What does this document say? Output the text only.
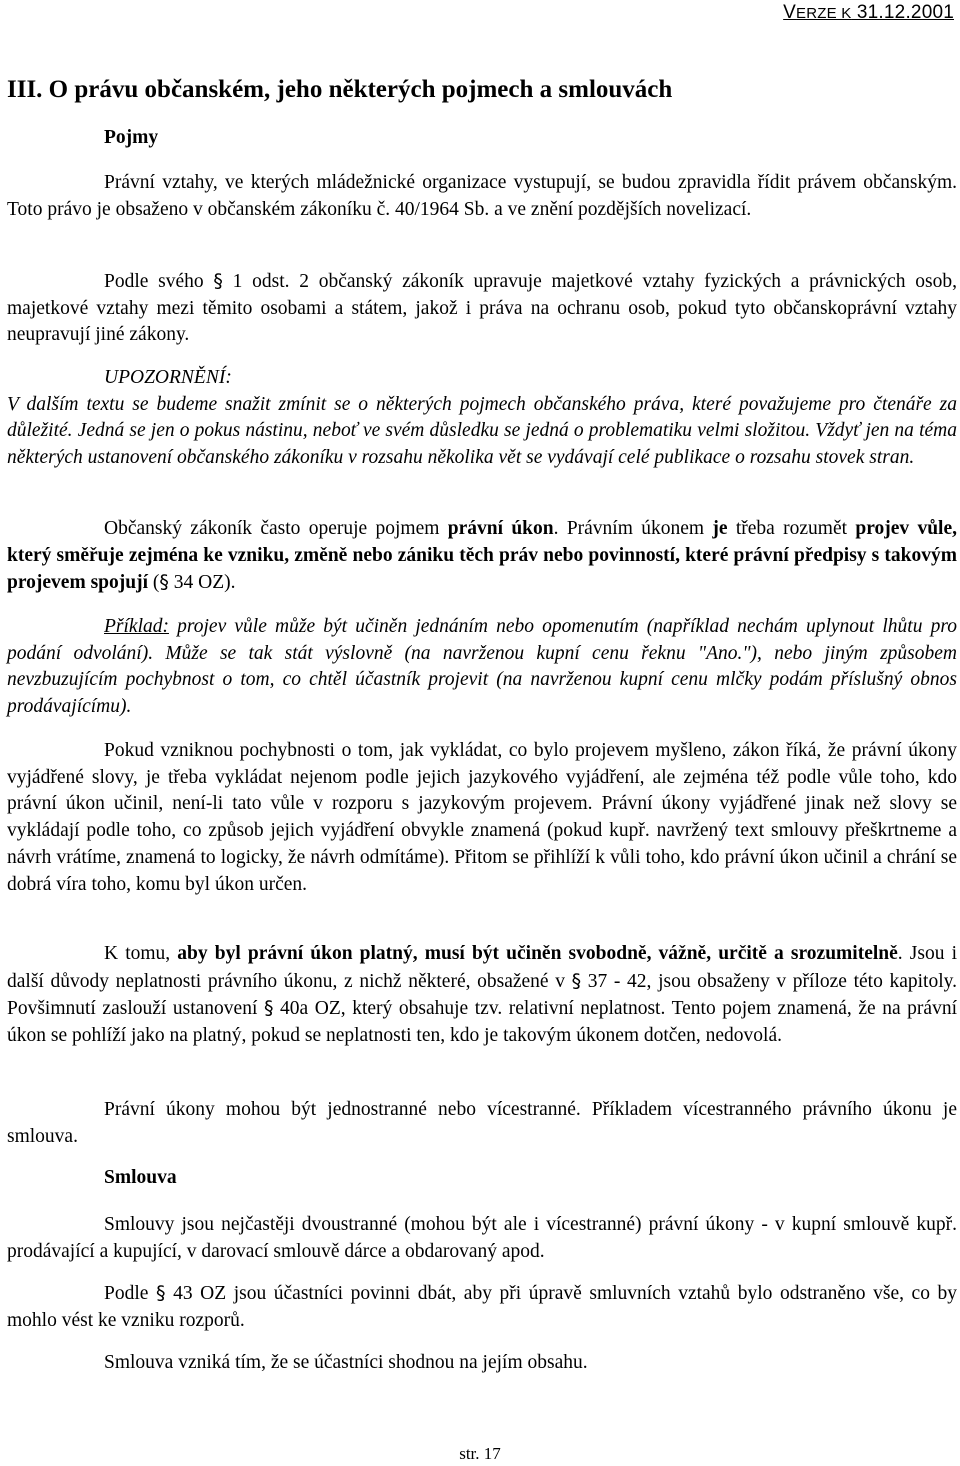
VERZE K 31.12.2001
III. O právu občanském, jeho některých pojmech a smlouvách
Pojmy
Právní vztahy, ve kterých mládežnické organizace vystupují, se budou zpravidla řídit právem občanským. Toto právo je obsaženo v občanském zákoníku č. 40/1964 Sb. a ve znění pozdějších novelizací.
Podle svého § 1 odst. 2 občanský zákoník upravuje majetkové vztahy fyzických a právnických osob, majetkové vztahy mezi těmito osobami a státem, jakož i práva na ochranu osob, pokud tyto občanskoprávní vztahy neupravují jiné zákony.
UPOZORNĚNÍ:
V dalším textu se budeme snažit zmínit se o některých pojmech občanského práva, které považujeme pro čtenáře za důležité. Jedná se jen o pokus nástinu, neboť ve svém důsledku se jedná o problematiku velmi složitou. Vždyť jen na téma některých ustanovení občanského zákoníku v rozsahu několika vět se vydávají celé publikace o rozsahu stovek stran.
Občanský zákoník často operuje pojmem právní úkon. Právním úkonem je třeba rozumět projev vůle, který směřuje zejména ke vzniku, změně nebo zániku těch práv nebo povinností, které právní předpisy s takovým projevem spojují (§ 34 OZ).
Příklad: projev vůle může být učiněn jednáním nebo opomenutím (například nechám uplynout lhůtu pro podání odvolání). Může se tak stát výslovně (na navrženou kupní cenu řeknu "Ano."), nebo jiným způsobem nevzbuzujícím pochybnost o tom, co chtěl účastník projevit (na navrženou kupní cenu mlčky podám příslušný obnos prodávajícímu).
Pokud vzniknou pochybnosti o tom, jak vykládat, co bylo projevem myšleno, zákon říká, že právní úkony vyjádřené slovy, je třeba vykládat nejenom podle jejich jazykového vyjádření, ale zejména též podle vůle toho, kdo právní úkon učinil, není-li tato vůle v rozporu s jazykovým projevem. Právní úkony vyjádřené jinak než slovy se vykládají podle toho, co způsob jejich vyjádření obvykle znamená (pokud kupř. navržený text smlouvy přeškrtneme a návrh vrátíme, znamená to logicky, že návrh odmítáme). Přitom se přihlíží k vůli toho, kdo právní úkon učinil a chrání se dobrá víra toho, komu byl úkon určen.
K tomu, aby byl právní úkon platný, musí být učiněn svobodně, vážně, určitě a srozumitelně. Jsou i další důvody neplatnosti právního úkonu, z nichž některé, obsažené v § 37 - 42, jsou obsaženy v příloze této kapitoly. Povšimnutí zaslouží ustanovení § 40a OZ, který obsahuje tzv. relativní neplatnost. Tento pojem znamená, že na právní úkon se pohlíží jako na platný, pokud se neplatnosti ten, kdo je takovým úkonem dotčen, nedovolá.
Právní úkony mohou být jednostranné nebo vícestranné. Příkladem vícestranného právního úkonu je smlouva.
Smlouva
Smlouvy jsou nejčastěji dvoustranné (mohou být ale i vícestranné) právní úkony - v kupní smlouvě kupř. prodávající a kupující, v darovací smlouvě dárce a obdarovaný apod.
Podle § 43 OZ jsou účastníci povinni dbát, aby při úpravě smluvních vztahů bylo odstraněno vše, co by mohlo vést ke vzniku rozporů.
Smlouva vzniká tím, že se účastníci shodnou na jejím obsahu.
str. 17
